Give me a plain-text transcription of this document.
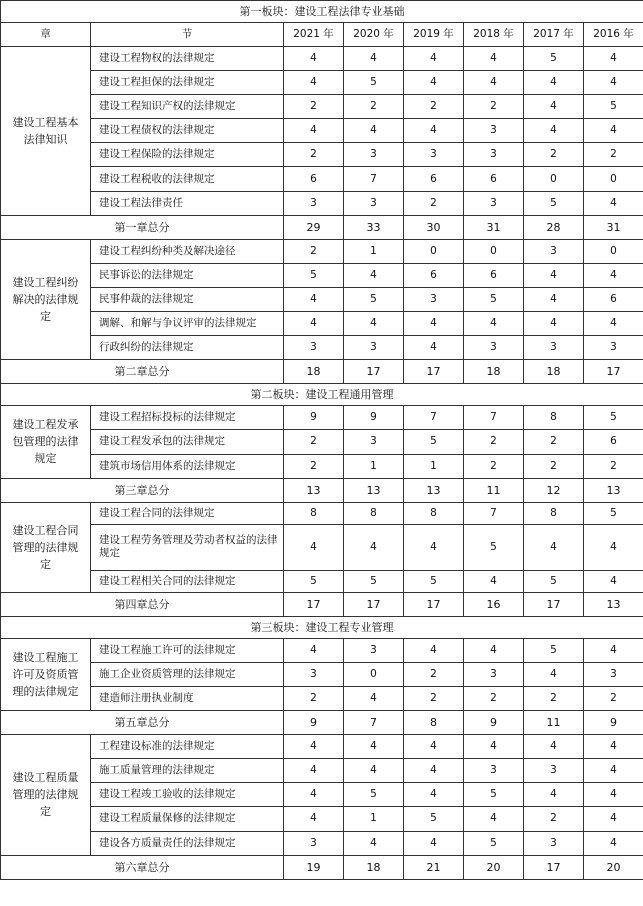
第一板块：建设工程法律专业基础							
章	节	2021 年	2020 年	2019 年	2018 年	2017 年	2016 年
建设工程基本法律知识	建设工程物权的法律规定	4	4	4	4	5	4
	建设工程担保的法律规定	4	5	4	4	4	4
	建设工程知识产权的法律规定	2	2	2	2	4	5
	建设工程债权的法律规定	4	4	4	3	4	4
	建设工程保险的法律规定	2	3	3	3	2	2
	建设工程税收的法律规定	6	7	6	6	0	0
	建设工程法律责任	3	3	2	3	5	4
第一章总分		29	33	30	31	28	31
建设工程纠纷解决的法律规定	建设工程纠纷种类及解决途径	2	1	0	0	3	0
	民事诉讼的法律规定	5	4	6	6	4	4
	民事仲裁的法律规定	4	5	3	5	4	6
	调解、和解与争议评审的法律规定	4	4	4	4	4	4
	行政纠纷的法律规定	3	3	4	3	3	3
第二章总分		18	17	17	18	18	17
第二板块：建设工程通用管理							
建设工程发承包管理的法律规定	建设工程招标投标的法律规定	9	9	7	7	8	5
	建设工程发承包的法律规定	2	3	5	2	2	6
	建筑市场信用体系的法律规定	2	1	1	2	2	2
第三章总分		13	13	13	11	12	13
建设工程合同管理的法律规定	建设工程合同的法律规定	8	8	8	7	8	5
	建设工程劳务管理及劳动者权益的法律规定	4	4	4	5	4	4
	建设工程相关合同的法律规定	5	5	5	4	5	4
第四章总分		17	17	17	16	17	13
第三板块：建设工程专业管理							
建设工程施工许可及资质管理的法律规定	建设工程施工许可的法律规定	4	3	4	4	5	4
	施工企业资质管理的法律规定	3	0	2	3	4	3
	建造师注册执业制度	2	4	2	2	2	2
第五章总分		9	7	8	9	11	9
建设工程质量管理的法律规定	工程建设标准的法律规定	4	4	4	4	4	4
	施工质量管理的法律规定	4	4	4	3	3	4
	建设工程竣工验收的法律规定	4	5	4	5	4	4
	建设工程质量保修的法律规定	4	1	5	4	2	4
	建设各方质量责任的法律规定	3	4	4	5	3	4
第六章总分		19	18	21	20	17	20
